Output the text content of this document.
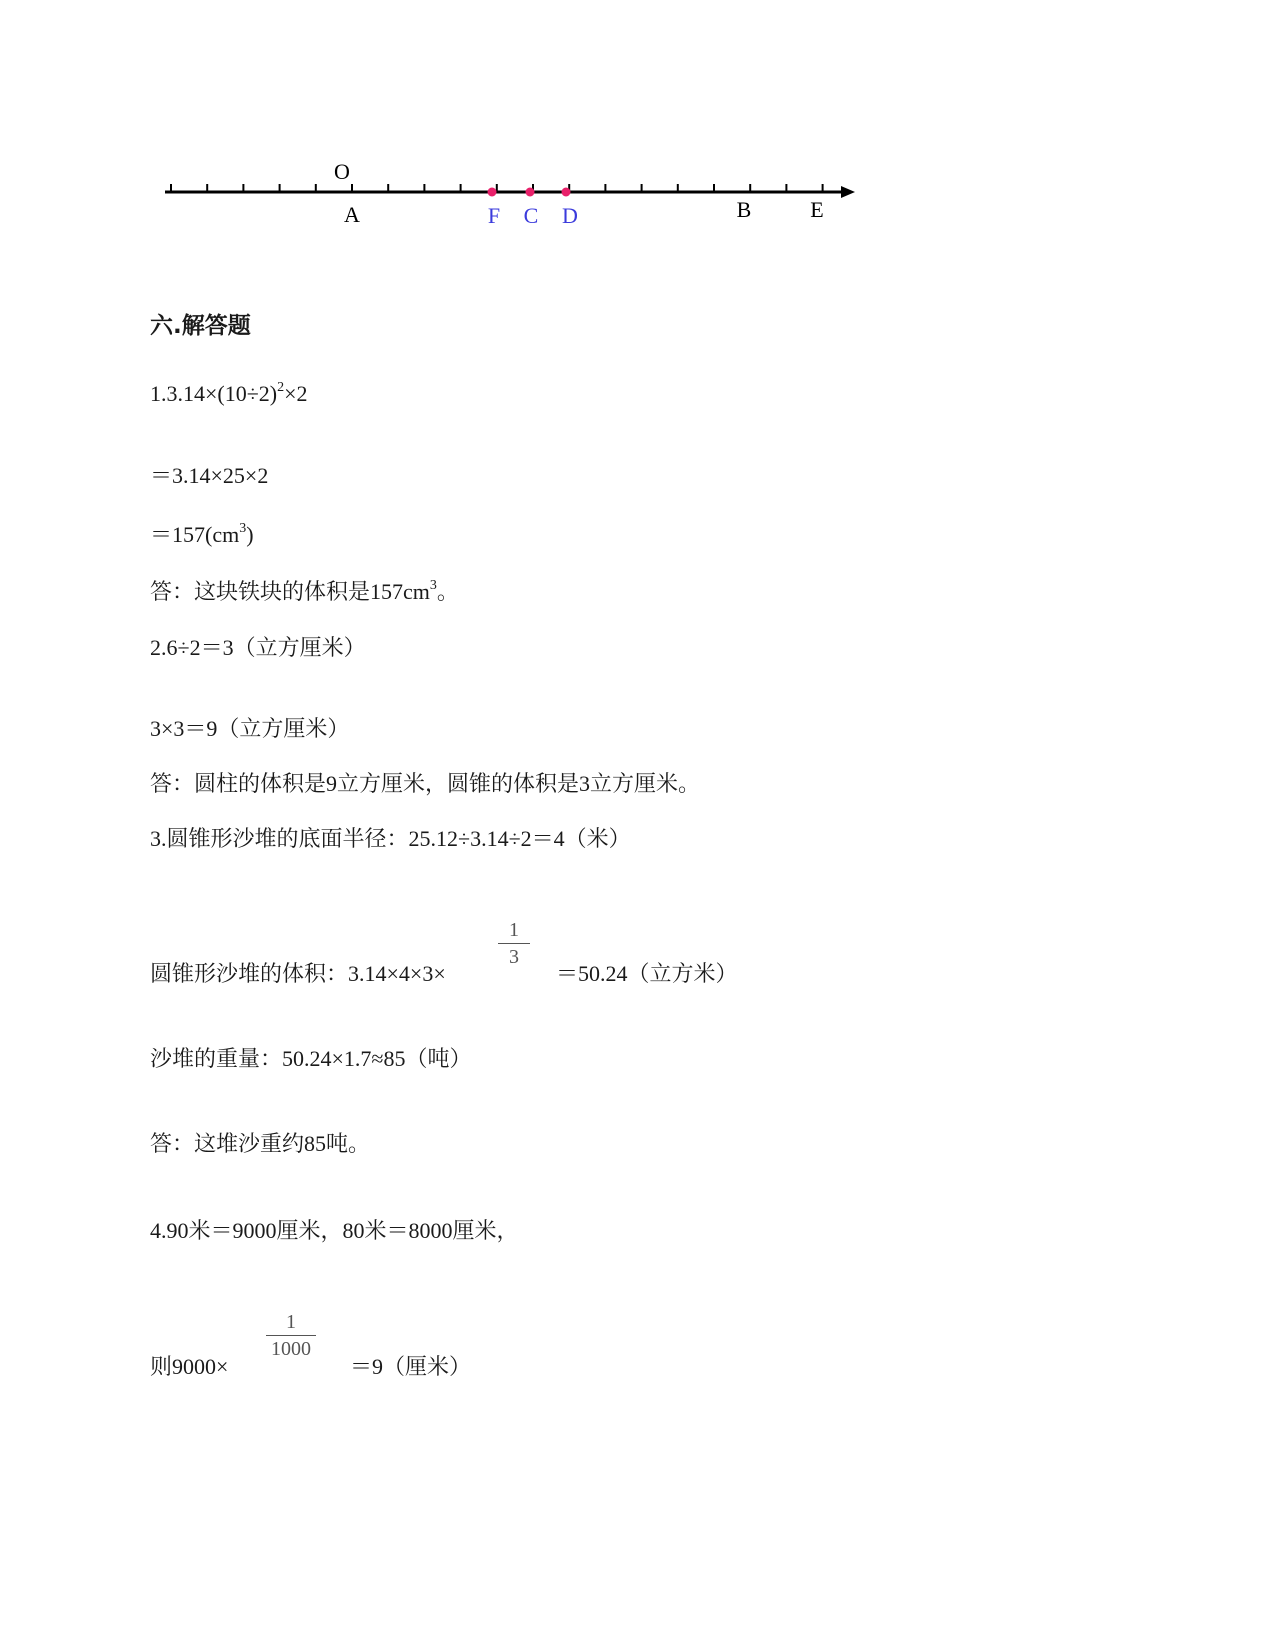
O
A	F C D	B	E
六.解答题
$1.3.14\times(10\div 2)^2\times 2$
＝3.14×25×2
$=157(cm^3)$
答：这块铁块的体积是$157cm^3$。
2.6÷2＝3（立方厘米）
3×3＝9（立方厘米）
答：圆柱的体积是9立方厘米，圆锥的体积是3立方厘米。
3.圆锥形沙堆的底面半径：25.12÷3.14÷2＝4（米）
圆锥形沙堆的体积：3.14×4×3×
1
3
＝50.24（立方米）
沙堆的重量：50.24×1.7≈85（吨）
答：这堆沙重约85吨。
4.90米＝9000厘米，80米＝8000厘米，
则9000×
1
1000
＝9（厘米）
